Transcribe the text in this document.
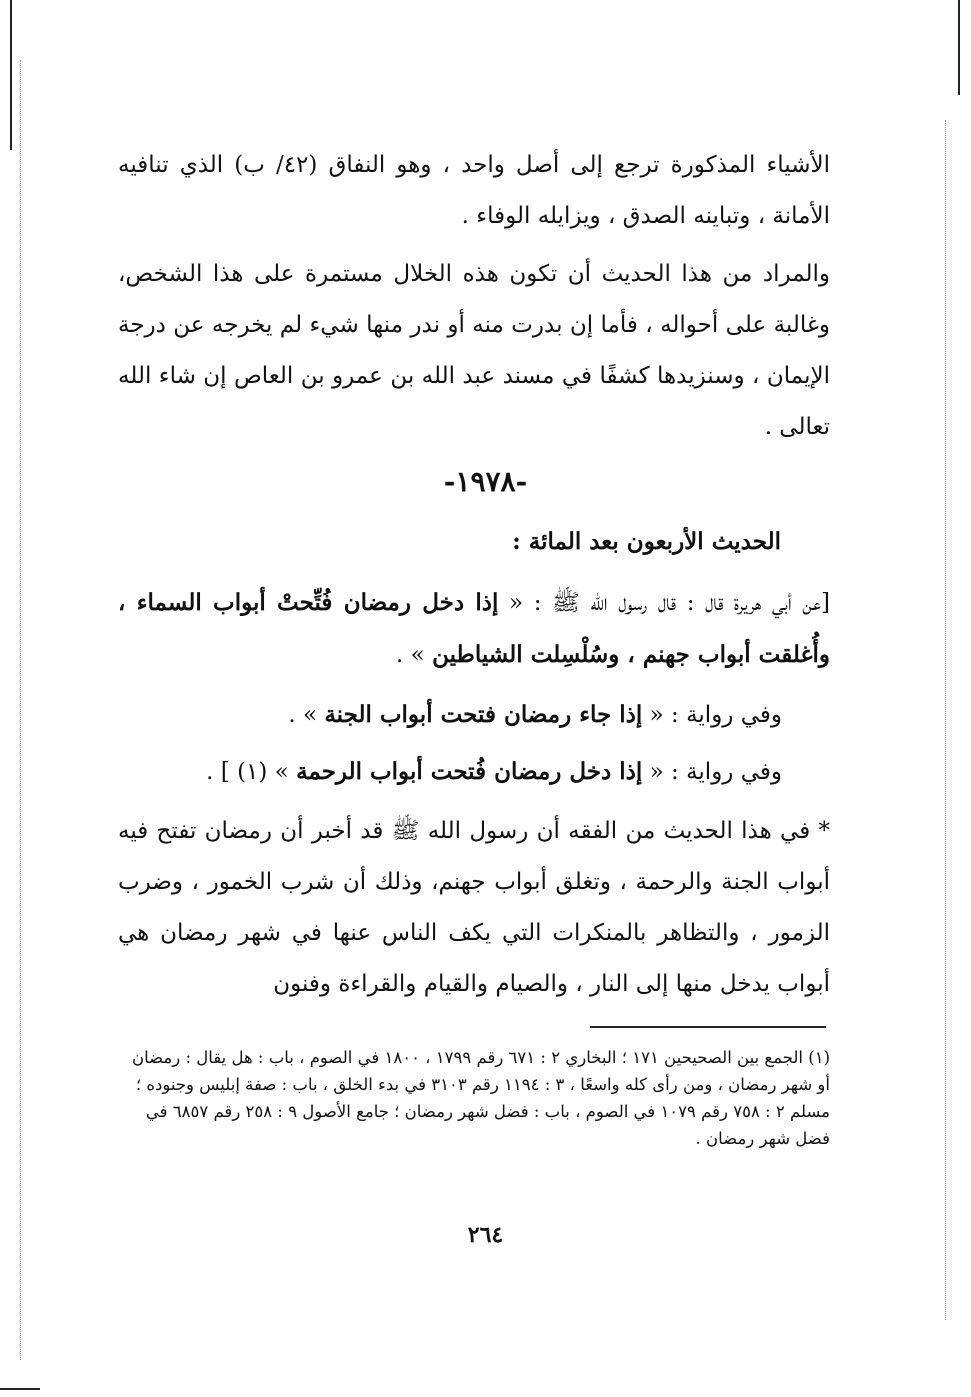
الأشياء المذكورة ترجع إلى أصل واحد ، وهو النفاق (٤٢/ ب) الذي تنافيه الأمانة ، وتباينه الصدق ، ويزايله الوفاء .

والمراد من هذا الحديث أن تكون هذه الخلال مستمرة على هذا الشخص، وغالبة على أحواله ، فأما إن بدرت منه أو ندر منها شيء لم يخرجه عن درجة الإيمان ، وسنزيدها كشفًا في مسند عبد الله بن عمرو بن العاص إن شاء الله تعالى .

-١٩٧٨-
الحديث الأربعون بعد المائة :

[عن أبي هريرة قال : قال رسول الله ﷺ : « إذا دخل رمضان فُتِّحتْ أبواب السماء ، وأُغلقت أبواب جهنم ، وسُلْسِلت الشياطين » .

وفي رواية : « إذا جاء رمضان فتحت أبواب الجنة » .

وفي رواية : « إذا دخل رمضان فُتحت أبواب الرحمة » (١) ] .

* في هذا الحديث من الفقه أن رسول الله ﷺ قد أخبر أن رمضان تفتح فيه أبواب الجنة والرحمة ، وتغلق أبواب جهنم، وذلك أن شرب الخمور ، وضرب الزمور ، والتظاهر بالمنكرات التي يكف الناس عنها في شهر رمضان هي أبواب يدخل منها إلى النار ، والصيام والقيام والقراءة وفنون

(١) الجمع بين الصحيحين ١٧١ ؛ البخاري ٢ : ٦٧١ رقم ١٧٩٩ ، ١٨٠٠ في الصوم ، باب : هل يقال : رمضان أو شهر رمضان ، ومن رأى كله واسعًا ، ٣ : ١١٩٤ رقم ٣١٠٣ في بدء الخلق ، باب : صفة إبليس وجنوده ؛ مسلم ٢ : ٧٥٨ رقم ١٠٧٩ في الصوم ، باب : فضل شهر رمضان ؛ جامع الأصول ٩ : ٢٥٨ رقم ٦٨٥٧ في فضل شهر رمضان .

٢٦٤
